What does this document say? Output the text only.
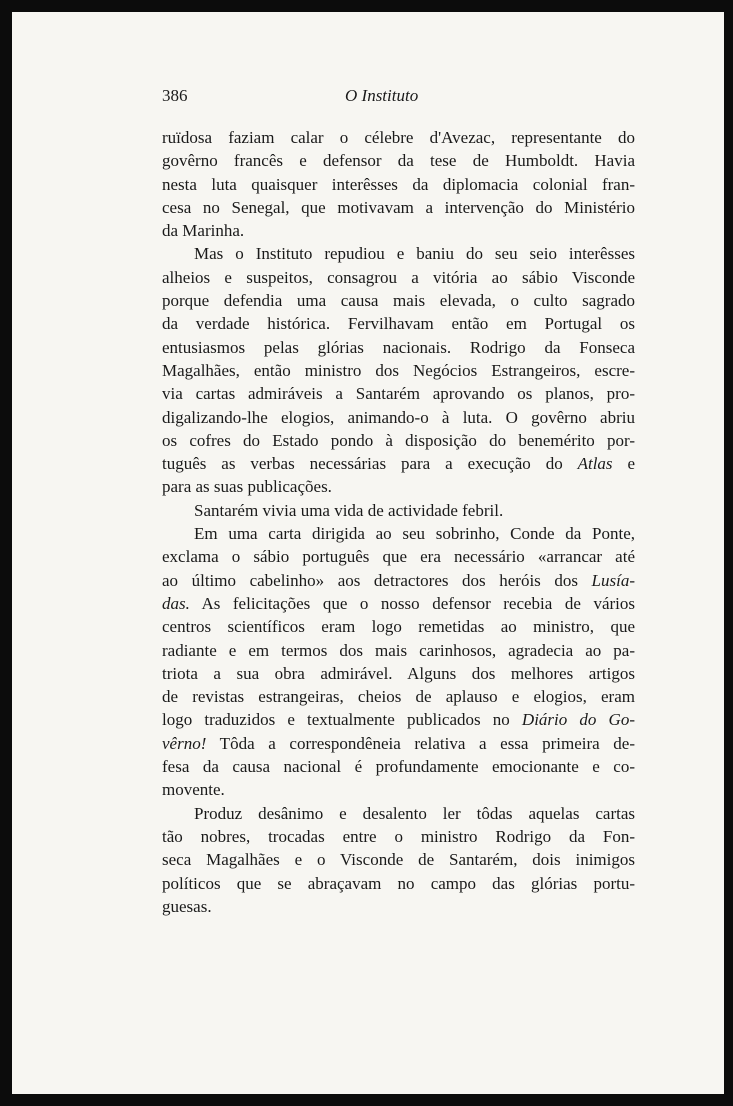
386	O Instituto

ruïdosa faziam calar o célebre d'Avezac, representante do
govêrno francês e defensor da tese de Humboldt. Havia
nesta luta quaisquer interêsses da diplomacia colonial fran-
cesa no Senegal, que motivavam a intervenção do Ministério
da Marinha.

Mas o Instituto repudiou e baniu do seu seio interêsses
alheios e suspeitos, consagrou a vitória ao sábio Visconde
porque defendia uma causa mais elevada, o culto sagrado
da verdade histórica. Fervilhavam então em Portugal os
entusiasmos pelas glórias nacionais. Rodrigo da Fonseca
Magalhães, então ministro dos Negócios Estrangeiros, escre-
via cartas admiráveis a Santarém aprovando os planos, pro-
digalizando-lhe elogios, animando-o à luta. O govêrno abriu
os cofres do Estado pondo à disposição do benemérito por-
tuguês as verbas necessárias para a execução do Atlas e
para as suas publicações.

Santarém vivia uma vida de actividade febril.

Em uma carta dirigida ao seu sobrinho, Conde da Ponte,
exclama o sábio português que era necessário «arrancar até
ao último cabelinho» aos detractores dos heróis dos Lusía-
das. As felicitações que o nosso defensor recebia de vários
centros scientíficos eram logo remetidas ao ministro, que
radiante e em termos dos mais carinhosos, agradecia ao pa-
triota a sua obra admirável. Alguns dos melhores artigos
de revistas estrangeiras, cheios de aplauso e elogios, eram
logo traduzidos e textualmente publicados no Diário do Go-
vêrno! Tôda a correspondêneia relativa a essa primeira de-
fesa da causa nacional é profundamente emocionante e co-
movente.

Produz desânimo e desalento ler tôdas aquelas cartas
tão nobres, trocadas entre o ministro Rodrigo da Fon-
seca Magalhães e o Visconde de Santarém, dois inimigos
políticos que se abraçavam no campo das glórias portu-
guesas.
